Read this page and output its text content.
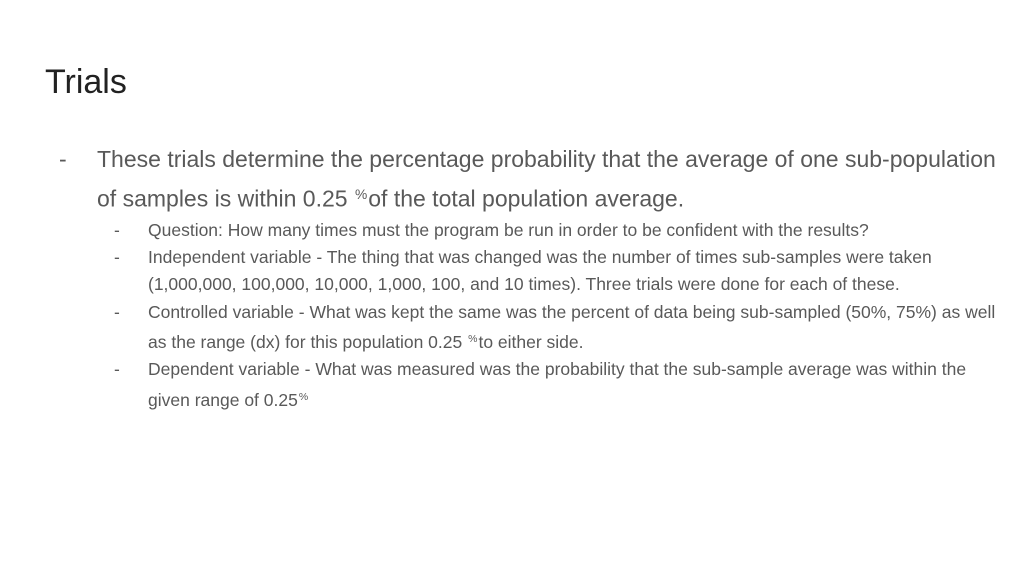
Trials

- These trials determine the percentage probability that the average of one sub-population of samples is within 0.25 %of the total population average.

- Question: How many times must the program be run in order to be confident with the results?

- Independent variable - The thing that was changed was the number of times sub-samples were taken (1,000,000, 100,000, 10,000, 1,000, 100, and 10 times). Three trials were done for each of these.

- Controlled variable - What was kept the same was the percent of data being sub-sampled (50%, 75%) as well as the range (dx) for this population 0.25 %to either side.

- Dependent variable - What was measured was the probability that the sub-sample average was within the given range of 0.25%
